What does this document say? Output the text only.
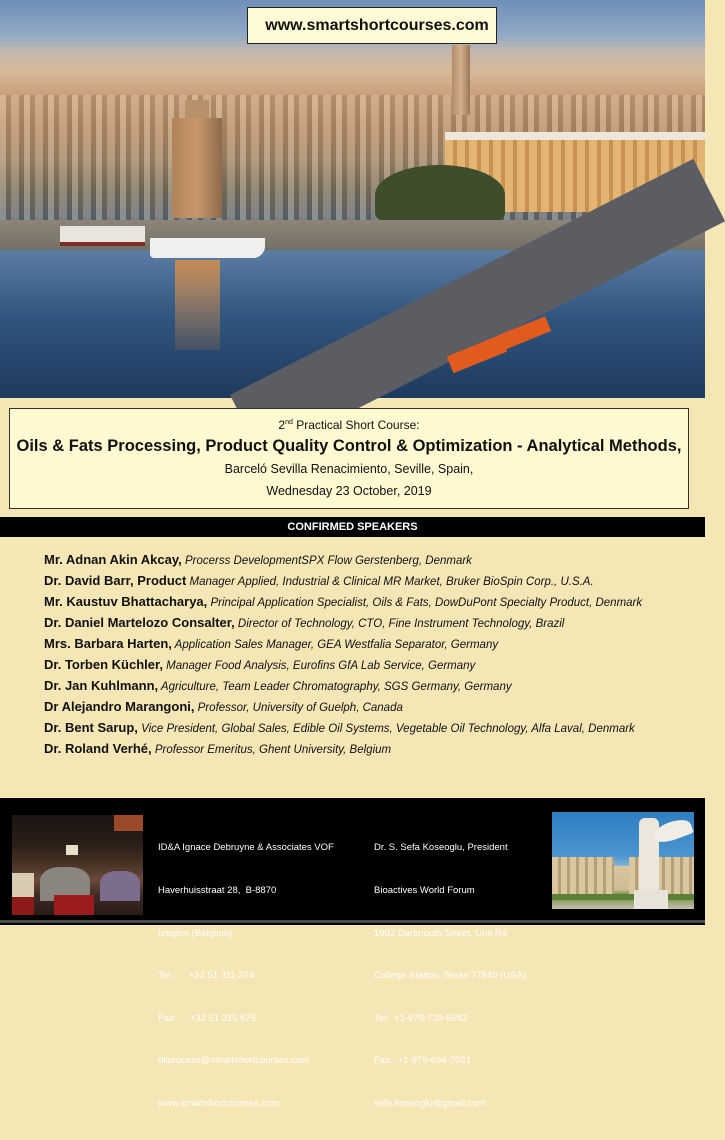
www.smartshortcourses.com
2nd Practical Short Course:
Oils & Fats Processing, Product Quality Control & Optimization - Analytical Methods,
Barceló Sevilla Renacimiento, Seville, Spain,
Wednesday 23 October, 2019
CONFIRMED SPEAKERS
Mr. Adnan Akin Akcay, Procerss DevelopmentSPX Flow Gerstenberg, Denmark
Dr. David Barr, Product Manager Applied, Industrial & Clinical MR Market, Bruker BioSpin Corp., U.S.A.
Mr. Kaustuv Bhattacharya, Principal Application Specialist, Oils & Fats, DowDuPont Specialty Product, Denmark
Dr. Daniel Martelozo Consalter, Director of Technology, CTO, Fine Instrument Technology, Brazil
Mrs. Barbara Harten, Application Sales Manager, GEA Westfalia Separator, Germany
Dr. Torben Küchler, Manager Food Analysis, Eurofins GfA Lab Service, Germany
Dr. Jan Kuhlmann, Agriculture, Team Leader Chromatography, SGS Germany, Germany
Dr Alejandro Marangoni, Professor, University of Guelph, Canada
Dr. Bent Sarup, Vice President, Global Sales, Edible Oil Systems, Vegetable Oil Technology, Alfa Laval, Denmark
Dr. Roland Verhé, Professor Emeritus, Ghent University, Belgium

ID&A Ignace Debruyne & Associates VOF

Haverhuisstraat 28,  B-8870

Izegem (Belgium)

Tel.:     +32 51 311 274

Fax:     +32 51 315 675

oilprocess@smartshortcourses.com

www.smartshortcourses.com

Dr. S. Sefa Koseoglu, President

Bioactives World Forum

1902 Dartmouth Street, Unit R4

College Station, Texas 77840 (USA)

Tel:  +1-979-739-5682

Fax:  +1-979-694-7031

sefa.koseoglu@gmail.com
